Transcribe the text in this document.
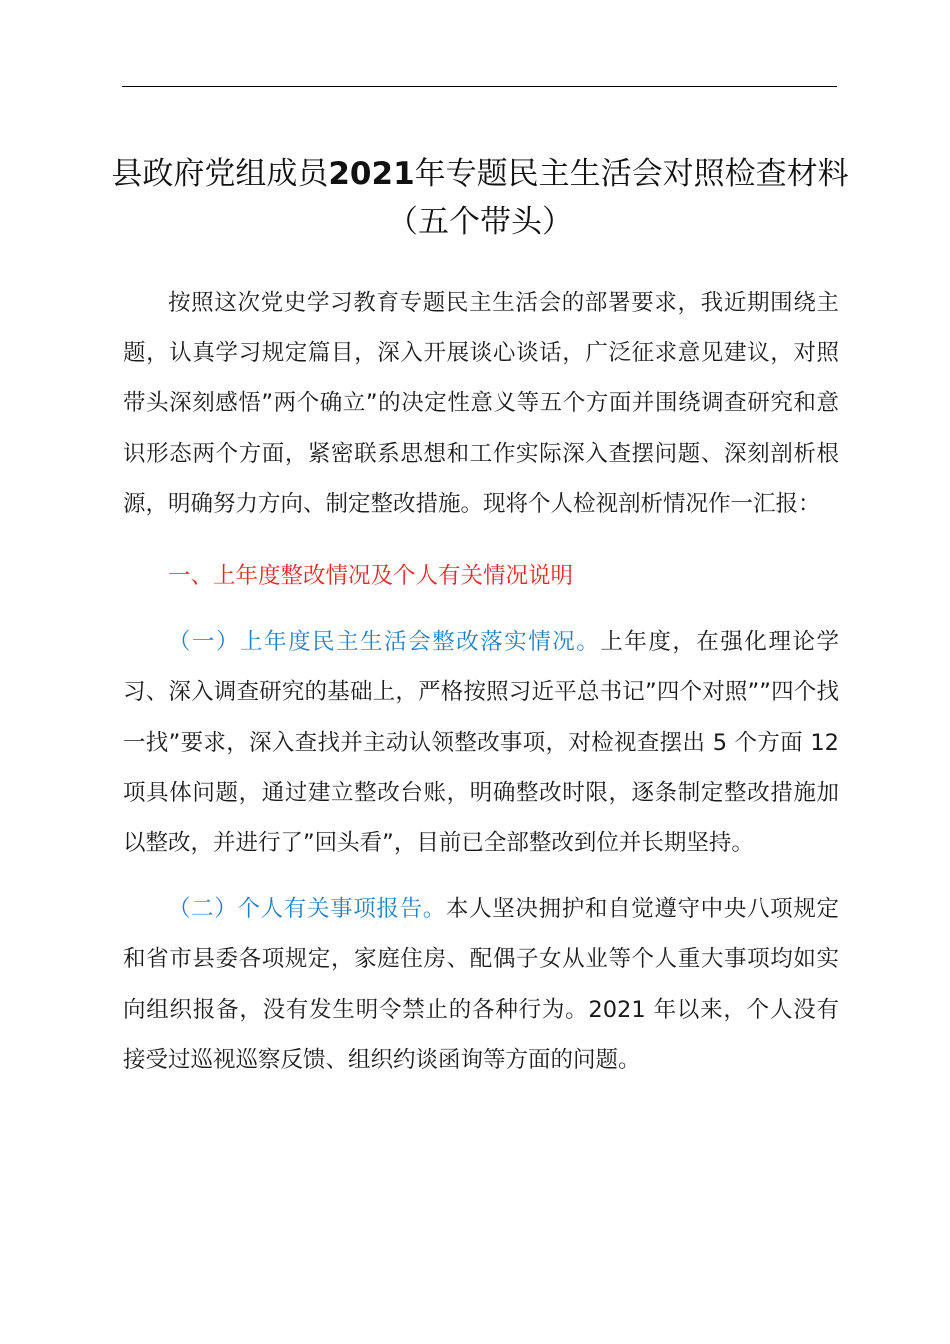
县政府党组成员2021年专题民主生活会对照检查材料（五个带头）

按照这次党史学习教育专题民主生活会的部署要求，我近期围绕主题，认真学习规定篇目，深入开展谈心谈话，广泛征求意见建议，对照带头深刻感悟”两个确立”的决定性意义等五个方面并围绕调查研究和意识形态两个方面，紧密联系思想和工作实际深入查摆问题、深刻剖析根源，明确努力方向、制定整改措施。现将个人检视剖析情况作一汇报：

一、上年度整改情况及个人有关情况说明

（一）上年度民主生活会整改落实情况。上年度，在强化理论学习、深入调查研究的基础上，严格按照习近平总书记”四个对照””四个找一找”要求，深入查找并主动认领整改事项，对检视查摆出 5 个方面 12 项具体问题，通过建立整改台账，明确整改时限，逐条制定整改措施加以整改，并进行了”回头看”，目前已全部整改到位并长期坚持。

（二）个人有关事项报告。本人坚决拥护和自觉遵守中央八项规定和省市县委各项规定，家庭住房、配偶子女从业等个人重大事项均如实向组织报备，没有发生明令禁止的各种行为。2021 年以来，个人没有接受过巡视巡察反馈、组织约谈函询等方面的问题。
